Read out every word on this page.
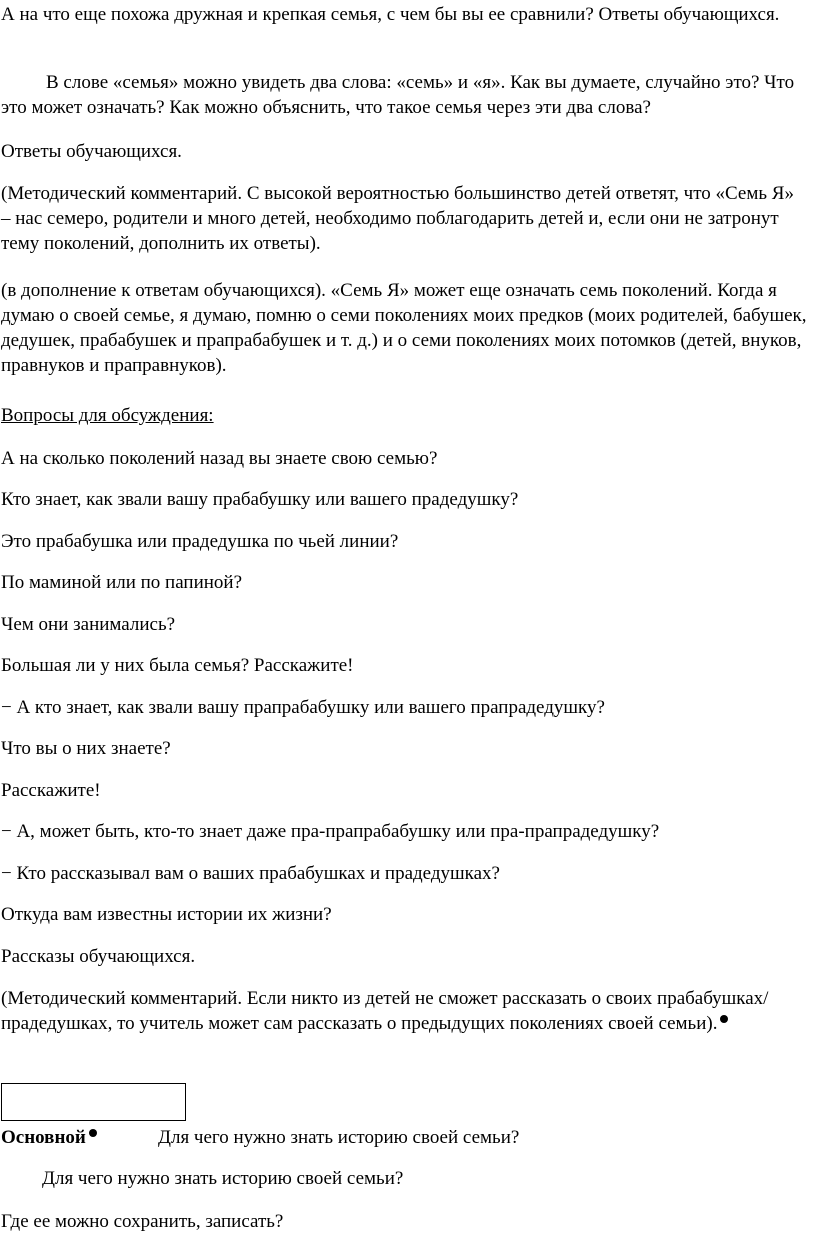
А на что еще похожа дружная и крепкая семья, с чем бы вы ее сравнили? Ответы обучающихся.

В слове «семья» можно увидеть два слова: «семь» и «я». Как вы думаете, случайно это? Что это может означать? Как можно объяснить, что такое семья через эти два слова?

Ответы обучающихся.

(Методический комментарий. С высокой вероятностью большинство детей ответят, что «Семь Я» – нас семеро, родители и много детей, необходимо поблагодарить детей и, если они не затронут тему поколений, дополнить их ответы).

(в дополнение к ответам обучающихся). «Семь Я» может еще означать семь поколений. Когда я думаю о своей семье, я думаю, помню о семи поколениях моих предков (моих родителей, бабушек, дедушек, прабабушек и прапрабабушек и т. д.) и о семи поколениях моих потомков (детей, внуков, правнуков и праправнуков).

Вопросы для обсуждения:

А на сколько поколений назад вы знаете свою семью?

Кто знает, как звали вашу прабабушку или вашего прадедушку?

Это прабабушка или прадедушка по чьей линии?

По маминой или по папиной?

Чем они занимались?

Большая ли у них была семья? Расскажите!

− А кто знает, как звали вашу прапрабабушку или вашего прапрадедушку?

Что вы о них знаете?

Расскажите!

− А, может быть, кто-то знает даже пра-прапрабабушку или пра-прапрадедушку?

− Кто рассказывал вам о ваших прабабушках и прадедушках?

Откуда вам известны истории их жизни?

Рассказы обучающихся.

(Методический комментарий. Если никто из детей не сможет рассказать о своих прабабушках/прадедушках, то учитель может сам рассказать о предыдущих поколениях своей семьи).

Основной	Для чего нужно знать историю своей семьи?

Для чего нужно знать историю своей семьи?

Где ее можно сохранить, записать?
